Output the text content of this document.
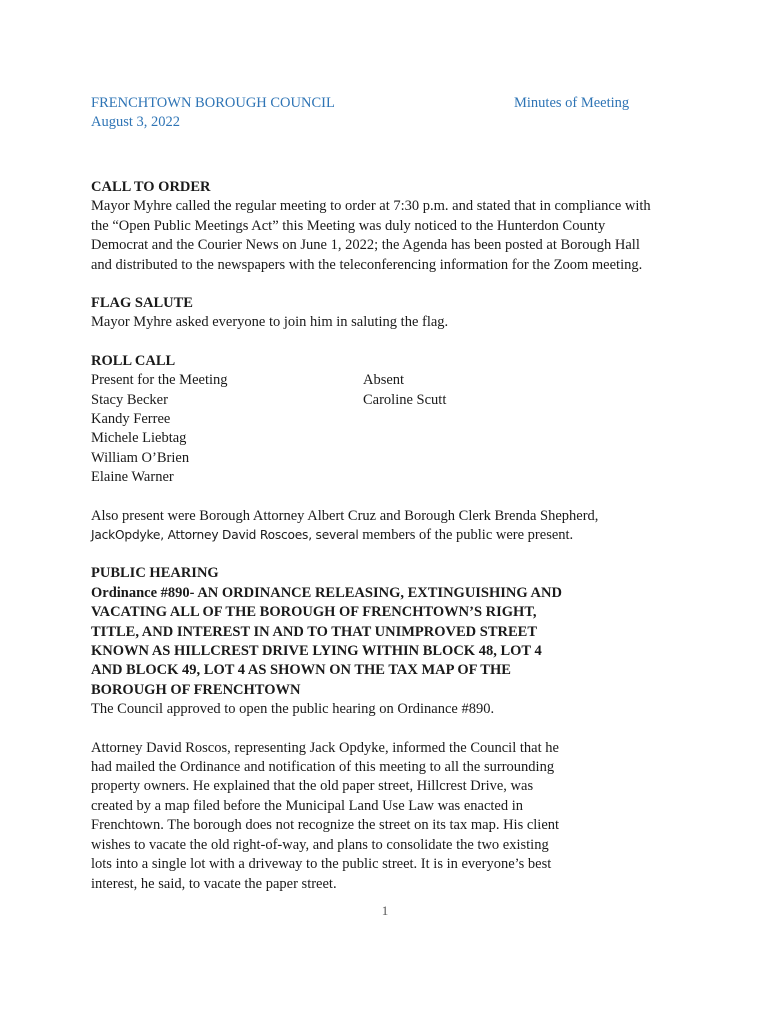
FRENCHTOWN BOROUGH COUNCIL
August 3, 2022
Minutes of Meeting

CALL TO ORDER

Mayor Myhre called the regular meeting to order at 7:30 p.m. and stated that in compliance with

the “Open Public Meetings Act” this Meeting was duly noticed to the Hunterdon County

Democrat and the Courier News on June 1, 2022; the Agenda has been posted at Borough Hall

and distributed to the newspapers with the teleconferencing information for the Zoom meeting.

FLAG SALUTE

Mayor Myhre asked everyone to join him in saluting the flag.

ROLL CALL

Present for the Meeting
Stacy Becker
Kandy Ferree
Michele Liebtag
William O’Brien
Elaine Warner
Absent
Caroline Scutt

Also present were Borough Attorney Albert Cruz and Borough Clerk Brenda Shepherd,

JackOpdyke, Attorney David Roscoes, several members of the public were present.

PUBLIC HEARING

Ordinance #890- AN ORDINANCE RELEASING, EXTINGUISHING AND

VACATING ALL OF THE BOROUGH OF FRENCHTOWN’S RIGHT,

TITLE, AND INTEREST IN AND TO THAT UNIMPROVED STREET

KNOWN AS HILLCREST DRIVE LYING WITHIN BLOCK 48, LOT 4

AND BLOCK 49, LOT 4 AS SHOWN ON THE TAX MAP OF THE

BOROUGH OF FRENCHTOWN

The Council approved to open the public hearing on Ordinance #890.

Attorney David Roscos, representing Jack Opdyke, informed the Council that he

had mailed the Ordinance and notification of this meeting to all the surrounding

property owners. He explained that the old paper street, Hillcrest Drive, was

created by a map filed before the Municipal Land Use Law was enacted in

Frenchtown. The borough does not recognize the street on its tax map. His client

wishes to vacate the old right-of-way, and plans to consolidate the two existing

lots into a single lot with a driveway to the public street. It is in everyone’s best

interest, he said, to vacate the paper street.

1
